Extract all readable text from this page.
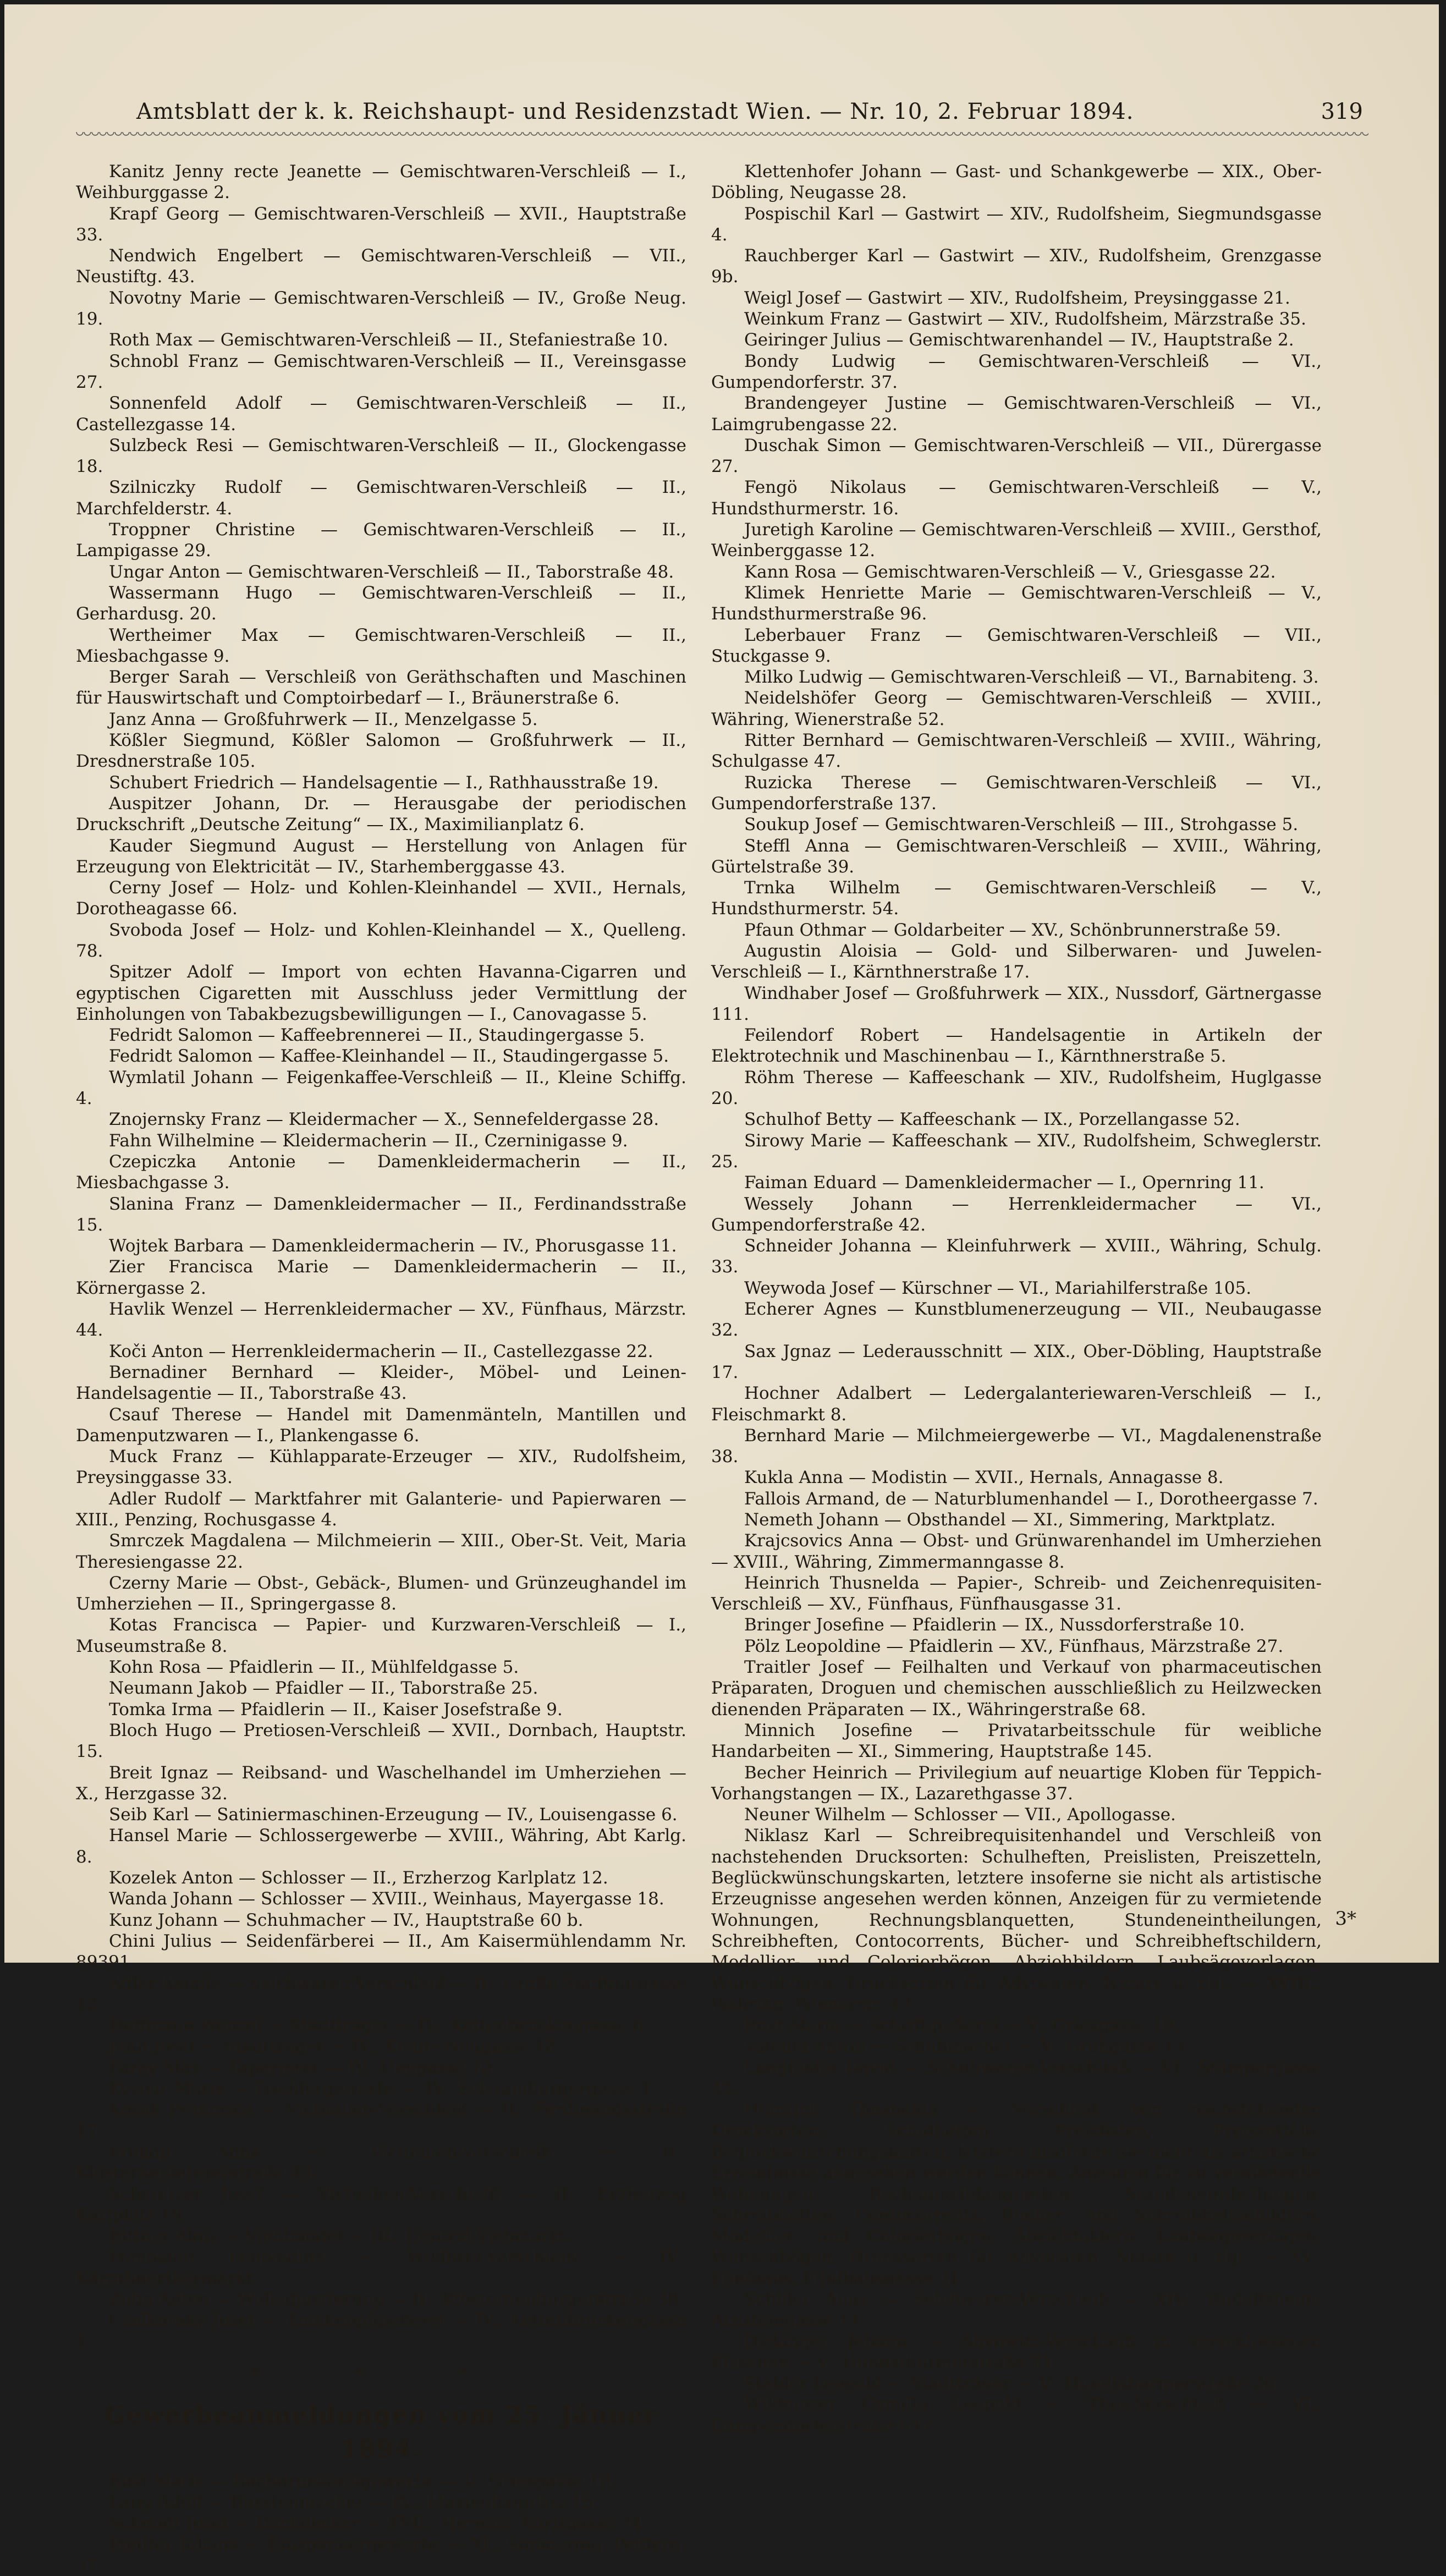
Amtsblatt der k. k. Reichshaupt- und Residenzstadt Wien. — Nr. 10, 2. Februar 1894.	319

Kanitz Jenny recte Jeanette — Gemischtwaren-Verschleiß — I., Weihburggasse 2.

Krapf Georg — Gemischtwaren-Verschleiß — XVII., Hauptstraße 33.

Nendwich Engelbert — Gemischtwaren-Verschleiß — VII., Neustiftg. 43.

Novotny Marie — Gemischtwaren-Verschleiß — IV., Große Neug. 19.

Roth Max — Gemischtwaren-Verschleiß — II., Stefaniestraße 10.

Schnobl Franz — Gemischtwaren-Verschleiß — II., Vereinsgasse 27.

Sonnenfeld Adolf — Gemischtwaren-Verschleiß — II., Castellezgasse 14.

Sulzbeck Resi — Gemischtwaren-Verschleiß — II., Glockengasse 18.

Szilniczky Rudolf — Gemischtwaren-Verschleiß — II., Marchfelderstr. 4.

Troppner Christine — Gemischtwaren-Verschleiß — II., Lampigasse 29.

Ungar Anton — Gemischtwaren-Verschleiß — II., Taborstraße 48.

Wassermann Hugo — Gemischtwaren-Verschleiß — II., Gerhardusg. 20.

Wertheimer Max — Gemischtwaren-Verschleiß — II., Miesbachgasse 9.

Berger Sarah — Verschleiß von Geräthschaften und Maschinen für Hauswirtschaft und Comptoirbedarf — I., Bräunerstraße 6.

Janz Anna — Großfuhrwerk — II., Menzelgasse 5.

Kößler Siegmund, Kößler Salomon — Großfuhrwerk — II., Dresdnerstraße 105.

Schubert Friedrich — Handelsagentie — I., Rathhausstraße 19.

Auspitzer Johann, Dr. — Herausgabe der periodischen Druckschrift „Deutsche Zeitung“ — IX., Maximilianplatz 6.

Kauder Siegmund August — Herstellung von Anlagen für Erzeugung von Elektricität — IV., Starhemberggasse 43.

Cerny Josef — Holz- und Kohlen-Kleinhandel — XVII., Hernals, Dorotheagasse 66.

Svoboda Josef — Holz- und Kohlen-Kleinhandel — X., Quelleng. 78.

Spitzer Adolf — Import von echten Havanna-Cigarren und egyptischen Cigaretten mit Ausschluss jeder Vermittlung der Einholungen von Tabakbezugsbewilligungen — I., Canovagasse 5.

Fedridt Salomon — Kaffeebrennerei — II., Staudingergasse 5.

Fedridt Salomon — Kaffee-Kleinhandel — II., Staudingergasse 5.

Wymlatil Johann — Feigenkaffee-Verschleiß — II., Kleine Schiffg. 4.

Znojernsky Franz — Kleidermacher — X., Sennefeldergasse 28.

Fahn Wilhelmine — Kleidermacherin — II., Czerninigasse 9.

Czepiczka Antonie — Damenkleidermacherin — II., Miesbachgasse 3.

Slanina Franz — Damenkleidermacher — II., Ferdinandsstraße 15.

Wojtek Barbara — Damenkleidermacherin — IV., Phorusgasse 11.

Zier Francisca Marie — Damenkleidermacherin — II., Körnergasse 2.

Havlik Wenzel — Herrenkleidermacher — XV., Fünfhaus, Märzstr. 44.

Koči Anton — Herrenkleidermacherin — II., Castellezgasse 22.

Bernadiner Bernhard — Kleider-, Möbel- und Leinen-Handelsagentie — II., Taborstraße 43.

Csauf Therese — Handel mit Damenmänteln, Mantillen und Damenputzwaren — I., Plankengasse 6.

Muck Franz — Kühlapparate-Erzeuger — XIV., Rudolfsheim, Preysinggasse 33.

Adler Rudolf — Marktfahrer mit Galanterie- und Papierwaren — XIII., Penzing, Rochusgasse 4.

Smrczek Magdalena — Milchmeierin — XIII., Ober-St. Veit, Maria Theresiengasse 22.

Czerny Marie — Obst-, Gebäck-, Blumen- und Grünzeughandel im Umherziehen — II., Springergasse 8.

Kotas Francisca — Papier- und Kurzwaren-Verschleiß — I., Museumstraße 8.

Kohn Rosa — Pfaidlerin — II., Mühlfeldgasse 5.

Neumann Jakob — Pfaidler — II., Taborstraße 25.

Tomka Irma — Pfaidlerin — II., Kaiser Josefstraße 9.

Bloch Hugo — Pretiosen-Verschleiß — XVII., Dornbach, Hauptstr. 15.

Breit Ignaz — Reibsand- und Waschelhandel im Umherziehen — X., Herzgasse 32.

Seib Karl — Satiniermaschinen-Erzeugung — IV., Louisengasse 6.

Hansel Marie — Schlossergewerbe — XVIII., Währing, Abt Karlg. 8.

Kozelek Anton — Schlosser — II., Erzherzog Karlplatz 12.

Wanda Johann — Schlosser — XVIII., Weinhaus, Mayergasse 18.

Kunz Johann — Schuhmacher — IV., Hauptstraße 60 b.

Chini Julius — Seidenfärberei — II., Am Kaisermühlendamm Nr. 89391.

Adler Amalie — Selchwaren-Verschleiß — II., Große Stadtgutgasse 12.

Hoffmann Wenzel — Stadtträger — IV., Kettenbrückengasse 6.

Jahn Josef — Stadtträger — IV., Kleine Neugasse 18.

Faray Max — Tapezierer — IV., Heugasse 70.

Kyzour Marie — Tischlergewerbe — IV., Schaumburgergasse 1.

Kosak Francisca — Victualien-Verschleiß — II., Ferdinandsstraße 17.

Prokop Anna — Victualien-Verschleiß — II., Klosterneuburgerstraße 43.

Schmutzer Josef — Victualien-Verschleiß — II., Erzherzog Karlplatz 19.

Bittner Alois — Viehhandel — III., Central-Viehmarkt.

Pombauer Leopoldine — Wildbret-Verschleiß — IV., Kärnthnerthormarkt.

Zuba Anton — Wolladjustierung — II., Klosterneuburgerstraße 38.

Czalkovsky Josef — Zinnknopfgießerei — IV., Kettenbrückengasse 4.

* * *
Gewerbeanmeldungen vom 25. Jänner 1894.

Rust Marie — Buchdruckereigewerbe — V., Griesgasse 10.

Lang Adolf — Bürstenmacher — IX., Maximilianplatz 15.

Schmidt Josef — Dachdecker — XVII., Hernals, Karlsgasse 24.

Pfeiffer Juliana — Einspännergewerbe — XI., Simmering, Peifferg. 37.

Klettenhofer Johann — Gast- und Schankgewerbe — XIX., Ober-Döbling, Neugasse 28.

Pospischil Karl — Gastwirt — XIV., Rudolfsheim, Siegmundsgasse 4.

Rauchberger Karl — Gastwirt — XIV., Rudolfsheim, Grenzgasse 9b.

Weigl Josef — Gastwirt — XIV., Rudolfsheim, Preysinggasse 21.

Weinkum Franz — Gastwirt — XIV., Rudolfsheim, Märzstraße 35.

Geiringer Julius — Gemischtwarenhandel — IV., Hauptstraße 2.

Bondy Ludwig — Gemischtwaren-Verschleiß — VI., Gumpendorferstr. 37.

Brandengeyer Justine — Gemischtwaren-Verschleiß — VI., Laimgrubengasse 22.

Duschak Simon — Gemischtwaren-Verschleiß — VII., Dürergasse 27.

Fengö Nikolaus — Gemischtwaren-Verschleiß — V., Hundsthurmerstr. 16.

Juretigh Karoline — Gemischtwaren-Verschleiß — XVIII., Gersthof, Weinberggasse 12.

Kann Rosa — Gemischtwaren-Verschleiß — V., Griesgasse 22.

Klimek Henriette Marie — Gemischtwaren-Verschleiß — V., Hundsthurmerstraße 96.

Leberbauer Franz — Gemischtwaren-Verschleiß — VII., Stuckgasse 9.

Milko Ludwig — Gemischtwaren-Verschleiß — VI., Barnabiteng. 3.

Neidelshöfer Georg — Gemischtwaren-Verschleiß — XVIII., Währing, Wienerstraße 52.

Ritter Bernhard — Gemischtwaren-Verschleiß — XVIII., Währing, Schulgasse 47.

Ruzicka Therese — Gemischtwaren-Verschleiß — VI., Gumpendorferstraße 137.

Soukup Josef — Gemischtwaren-Verschleiß — III., Strohgasse 5.

Steffl Anna — Gemischtwaren-Verschleiß — XVIII., Währing, Gürtelstraße 39.

Trnka Wilhelm — Gemischtwaren-Verschleiß — V., Hundsthurmerstr. 54.

Pfaun Othmar — Goldarbeiter — XV., Schönbrunnerstraße 59.

Augustin Aloisia — Gold- und Silberwaren- und Juwelen-Verschleiß — I., Kärnthnerstraße 17.

Windhaber Josef — Großfuhrwerk — XIX., Nussdorf, Gärtnergasse 111.

Feilendorf Robert — Handelsagentie in Artikeln der Elektrotechnik und Maschinenbau — I., Kärnthnerstraße 5.

Röhm Therese — Kaffeeschank — XIV., Rudolfsheim, Huglgasse 20.

Schulhof Betty — Kaffeeschank — IX., Porzellangasse 52.

Sirowy Marie — Kaffeeschank — XIV., Rudolfsheim, Schweglerstr. 25.

Faiman Eduard — Damenkleidermacher — I., Opernring 11.

Wessely Johann — Herrenkleidermacher — VI., Gumpendorferstraße 42.

Schneider Johanna — Kleinfuhrwerk — XVIII., Währing, Schulg. 33.

Weywoda Josef — Kürschner — VI., Mariahilferstraße 105.

Echerer Agnes — Kunstblumenerzeugung — VII., Neubaugasse 32.

Sax Jgnaz — Lederausschnitt — XIX., Ober-Döbling, Hauptstraße 17.

Hochner Adalbert — Ledergalanteriewaren-Verschleiß — I., Fleischmarkt 8.

Bernhard Marie — Milchmeiergewerbe — VI., Magdalenenstraße 38.

Kukla Anna — Modistin — XVII., Hernals, Annagasse 8.

Fallois Armand, de — Naturblumenhandel — I., Dorotheergasse 7.

Nemeth Johann — Obsthandel — XI., Simmering, Marktplatz.

Krajcsovics Anna — Obst- und Grünwarenhandel im Umherziehen — XVIII., Währing, Zimmermanngasse 8.

Heinrich Thusnelda — Papier-, Schreib- und Zeichenrequisiten-Verschleiß — XV., Fünfhaus, Fünfhausgasse 31.

Bringer Josefine — Pfaidlerin — IX., Nussdorferstraße 10.

Pölz Leopoldine — Pfaidlerin — XV., Fünfhaus, Märzstraße 27.

Traitler Josef — Feilhalten und Verkauf von pharmaceutischen Präparaten, Droguen und chemischen ausschließlich zu Heilzwecken dienenden Präparaten — IX., Währingerstraße 68.

Minnich Josefine — Privatarbeitsschule für weibliche Handarbeiten — XI., Simmering, Hauptstraße 145.

Becher Heinrich — Privilegium auf neuartige Kloben für Teppich-Vorhangstangen — IX., Lazarethgasse 37.

Neuner Wilhelm — Schlosser — VII., Apollogasse.

Niklasz Karl — Schreibrequisitenhandel und Verschleiß von nachstehenden Drucksorten: Schulheften, Preislisten, Preiszetteln, Beglückwünschungskarten, letztere insoferne sie nicht als artistische Erzeugnisse angesehen werden können, Anzeigen für zu vermietende Wohnungen, Rechnungsblanquetten, Stundeneintheilungen, Schreibheften, Contocorrents, Bücher- und Schreibheftschildern, Modellier- und Colorierbögen, Abziehbildern, Laubsägevorlagen, Wunschbögen, Drucksorten für Advocaten, Notare u. dgl. — XVIII., Währing, Wienerstr. 47.

Rust Marie — Schriftgießerei — V., Griesgasse 10.

Valenta Anton — Schuhmacher — V., Grohgasse 13.

Langfelder David — Schuhwaren-Verschleiß — VI., Stumpergasse 42.

Heinrich Thusnelda — Verschleiß von nachstehenden Drucksorten: Schulheften, Preislisten, Preiszetteln, Beglückwünschungskarten, letztere insoferne sie nicht als artistische Erzeugnisse angesehen werden können, Anzeigen für zu vermietende Wohnungen, Rechnungsblanquetten, Stundeneintheilungen, Schreibheften, Contocorrents, Bücher- und Schreibheftschildern, Modellier- und Colorierbögen, Abziehbildern, Laubsägevorlagen, Wunschbögen, Drucksorten für Advocaten, Notare u. dgl. — XV., Fünfhaus, Fünfhausgasse 31.

Schiller Alois — Selchwaren-Verschleiß — XIV., Rudolfsheim, Arnsteingasse 11.

Dickinger Johann — Slivowitz-Verschleiß in verschlossenen Flaschen — V., Hundsthurmerstraße 71.

Stabler Leopold — Stadtträger — V., Hundsthurmerstraße 26.

Wildmoser Camillo Leopold — Thee-Verschleiß — VI., Gumpendorferstraße 63 c.

3*
